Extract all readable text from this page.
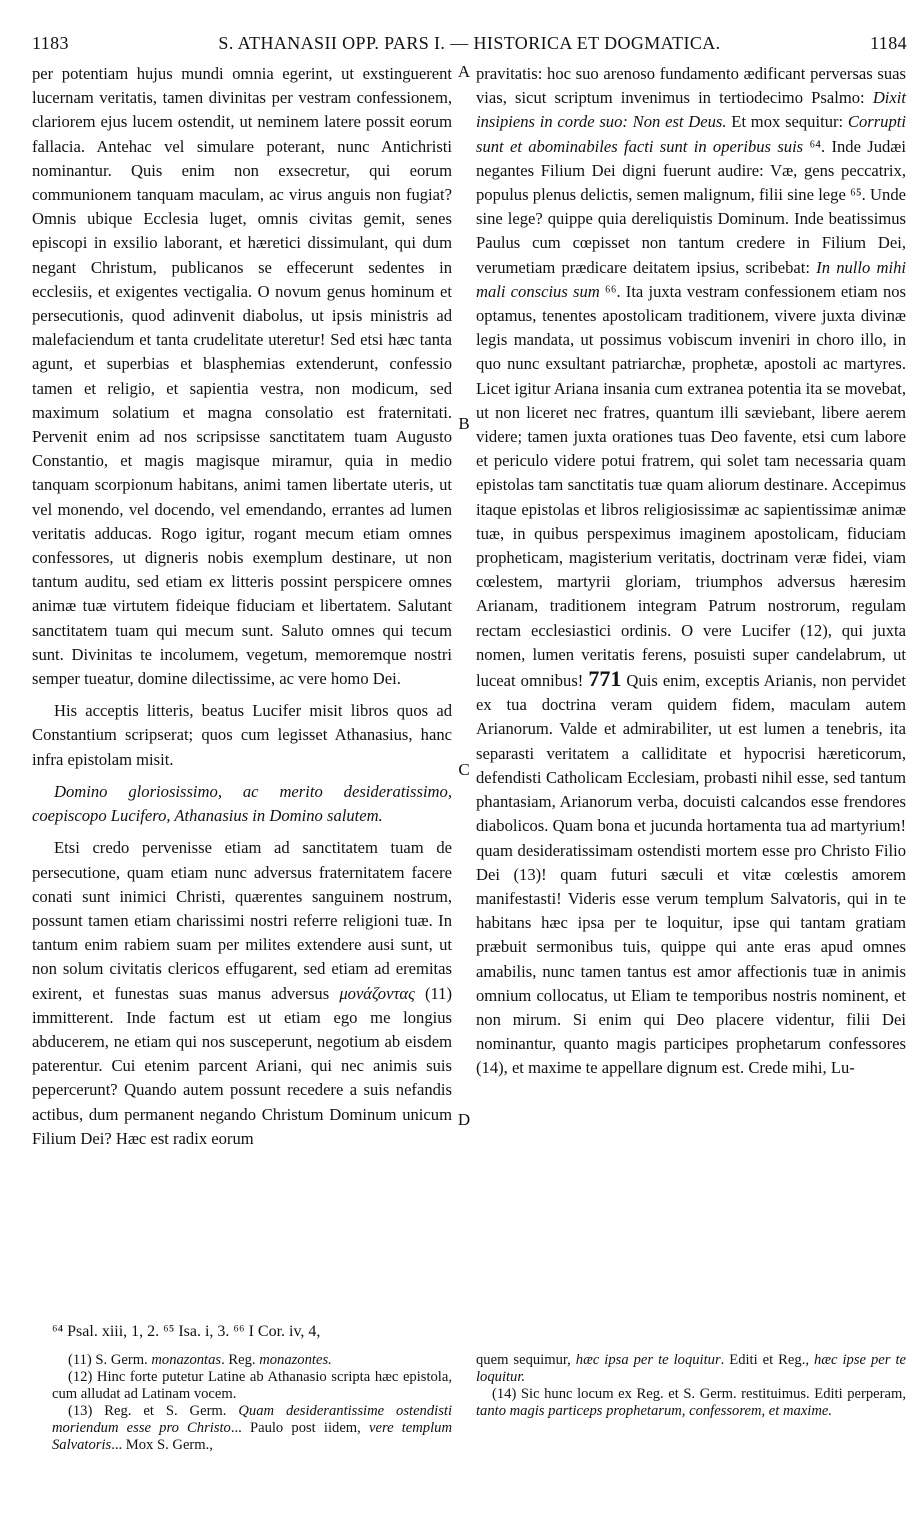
1183	S. ATHANASII OPP. PARS I. — HISTORICA ET DOGMATICA.	1184
A
B
C
D

per potentiam hujus mundi omnia egerint, ut exstinguerent lucernam veritatis, tamen divinitas per vestram confessionem, clariorem ejus lucem ostendit, ut neminem latere possit eorum fallacia. Antehac vel simulare poterant, nunc Antichristi nominantur. Quis enim non exsecretur, qui eorum communionem tanquam maculam, ac virus anguis non fugiat? Omnis ubique Ecclesia luget, omnis civitas gemit, senes episcopi in exsilio laborant, et hæretici dissimulant, qui dum negant Christum, publicanos se effecerunt sedentes in ecclesiis, et exigentes vectigalia. O novum genus hominum et persecutionis, quod adinvenit diabolus, ut ipsis ministris ad malefaciendum et tanta crudelitate uteretur! Sed etsi hæc tanta agunt, et superbias et blasphemias extenderunt, confessio tamen et religio, et sapientia vestra, non modicum, sed maximum solatium et magna consolatio est fraternitati. Pervenit enim ad nos scripsisse sanctitatem tuam Augusto Constantio, et magis magisque miramur, quia in medio tanquam scorpionum habitans, animi tamen libertate uteris, ut vel monendo, vel docendo, vel emendando, errantes ad lumen veritatis adducas. Rogo igitur, rogant mecum etiam omnes confessores, ut digneris nobis exemplum destinare, ut non tantum auditu, sed etiam ex litteris possint perspicere omnes animæ tuæ virtutem fideique fiduciam et libertatem. Salutant sanctitatem tuam qui mecum sunt. Saluto omnes qui tecum sunt. Divinitas te incolumem, vegetum, memoremque nostri semper tueatur, domine dilectissime, ac vere homo Dei.

His acceptis litteris, beatus Lucifer misit libros quos ad Constantium scripserat; quos cum legisset Athanasius, hanc infra epistolam misit.

Domino gloriosissimo, ac merito desideratissimo, coepiscopo Lucifero, Athanasius in Domino salutem.

Etsi credo pervenisse etiam ad sanctitatem tuam de persecutione, quam etiam nunc adversus fraternitatem facere conati sunt inimici Christi, quærentes sanguinem nostrum, possunt tamen etiam charissimi nostri referre religioni tuæ. In tantum enim rabiem suam per milites extendere ausi sunt, ut non solum civitatis clericos effugarent, sed etiam ad eremitas exirent, et funestas suas manus adversus μονάζοντας (11) immitterent. Inde factum est ut etiam ego me longius abducerem, ne etiam qui nos susceperunt, negotium ab eisdem paterentur. Cui etenim parcent Ariani, qui nec animis suis pepercerunt? Quando autem possunt recedere a suis nefandis actibus, dum permanent negando Christum Dominum unicum Filium Dei? Hæc est radix eorum

pravitatis: hoc suo arenoso fundamento ædificant perversas suas vias, sicut scriptum invenimus in tertiodecimo Psalmo: Dixit insipiens in corde suo: Non est Deus. Et mox sequitur: Corrupti sunt et abominabiles facti sunt in operibus suis ⁶⁴. Inde Judæi negantes Filium Dei digni fuerunt audire: Væ, gens peccatrix, populus plenus delictis, semen malignum, filii sine lege ⁶⁵. Unde sine lege? quippe quia dereliquistis Dominum. Inde beatissimus Paulus cum cœpisset non tantum credere in Filium Dei, verumetiam prædicare deitatem ipsius, scribebat: In nullo mihi mali conscius sum ⁶⁶. Ita juxta vestram confessionem etiam nos optamus, tenentes apostolicam traditionem, vivere juxta divinæ legis mandata, ut possimus vobiscum inveniri in choro illo, in quo nunc exsultant patriarchæ, prophetæ, apostoli ac martyres. Licet igitur Ariana insania cum extranea potentia ita se movebat, ut non liceret nec fratres, quantum illi sæviebant, libere aerem videre; tamen juxta orationes tuas Deo favente, etsi cum labore et periculo videre potui fratrem, qui solet tam necessaria quam epistolas tam sanctitatis tuæ quam aliorum destinare. Accepimus itaque epistolas et libros religiosissimæ ac sapientissimæ animæ tuæ, in quibus perspeximus imaginem apostolicam, fiduciam propheticam, magisterium veritatis, doctrinam veræ fidei, viam cœlestem, martyrii gloriam, triumphos adversus hæresim Arianam, traditionem integram Patrum nostrorum, regulam rectam ecclesiastici ordinis. O vere Lucifer (12), qui juxta nomen, lumen veritatis ferens, posuisti super candelabrum, ut luceat omnibus! 771 Quis enim, exceptis Arianis, non pervidet ex tua doctrina veram quidem fidem, maculam autem Arianorum. Valde et admirabiliter, ut est lumen a tenebris, ita separasti veritatem a calliditate et hypocrisi hæreticorum, defendisti Catholicam Ecclesiam, probasti nihil esse, sed tantum phantasiam, Arianorum verba, docuisti calcandos esse frendores diabolicos. Quam bona et jucunda hortamenta tua ad martyrium! quam desideratissimam ostendisti mortem esse pro Christo Filio Dei (13)! quam futuri sæculi et vitæ cœlestis amorem manifestasti! Videris esse verum templum Salvatoris, qui in te habitans hæc ipsa per te loquitur, ipse qui tantam gratiam præbuit sermonibus tuis, quippe qui ante eras apud omnes amabilis, nunc tamen tantus est amor affectionis tuæ in animis omnium collocatus, ut Eliam te temporibus nostris nominent, et non mirum. Si enim qui Deo placere videntur, filii Dei nominantur, quanto magis participes prophetarum confessores (14), et maxime te appellare dignum est. Crede mihi, Lu-

⁶⁴ Psal. xiii, 1, 2. ⁶⁵ Isa. i, 3. ⁶⁶ I Cor. iv, 4,

(11) S. Germ. monazontas. Reg. monazontes.

(12) Hinc forte putetur Latine ab Athanasio scripta hæc epistola, cum alludat ad Latinam vocem.

(13) Reg. et S. Germ. Quam desiderantissime ostendisti moriendum esse pro Christo... Paulo post iidem, vere templum Salvatoris... Mox S. Germ.,

quem sequimur, hæc ipsa per te loquitur. Editi et Reg., hæc ipse per te loquitur.

(14) Sic hunc locum ex Reg. et S. Germ. restituimus. Editi perperam, tanto magis particeps prophetarum, confessorem, et maxime.
